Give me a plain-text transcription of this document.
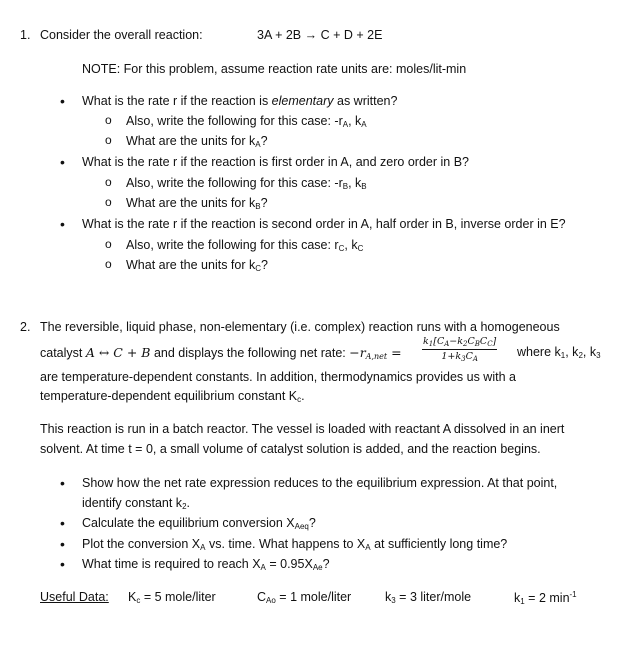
1. Consider the overall reaction:	3A + 2B → C + D + 2E
NOTE: For this problem, assume reaction rate units are: moles/lit-min
• What is the rate r if the reaction is elementary as written?
o Also, write the following for this case: $-r_A$, $k_A$
o What are the units for $k_A$?
• What is the rate r if the reaction is first order in A, and zero order in B?
o Also, write the following for this case: $-r_B$, $k_B$
o What are the units for $k_B$?
• What is the rate r if the reaction is second order in A, half order in B, inverse order in E?
o Also, write the following for this case: $r_C$, $k_C$
o What are the units for $k_C$?
2. The reversible, liquid phase, non-elementary (i.e. complex) reaction runs with a homogeneous
catalyst A ↔ C + B and displays the following net rate: $-r_{A,net}$ =
$k_1[C_A-k_2C_BC_C]$
$1+k_3C_A$	where $k_1$, $k_2$, $k_3$
are temperature-dependent constants. In addition, thermodynamics provides us with a
temperature-dependent equilibrium constant $K_c$.
This reaction is run in a batch reactor. The vessel is loaded with reactant A dissolved in an inert
solvent. At time t = 0, a small volume of catalyst solution is added, and the reaction begins.
• Show how the net rate expression reduces to the equilibrium expression. At that point,
identify constant $k_2$.
• Calculate the equilibrium conversion $X_{Aeq}$?
• Plot the conversion $X_A$ vs. time. What happens to $X_A$ at sufficiently long time?
• What time is required to reach $X_A = 0.95X_{Ae}$?
Useful Data: $K_c = 5$ mole/liter	$C_{Ao} = 1$ mole/liter	$k_3 = 3$ liter/mole	$k_1 = 2$ $\min^{-1}$
